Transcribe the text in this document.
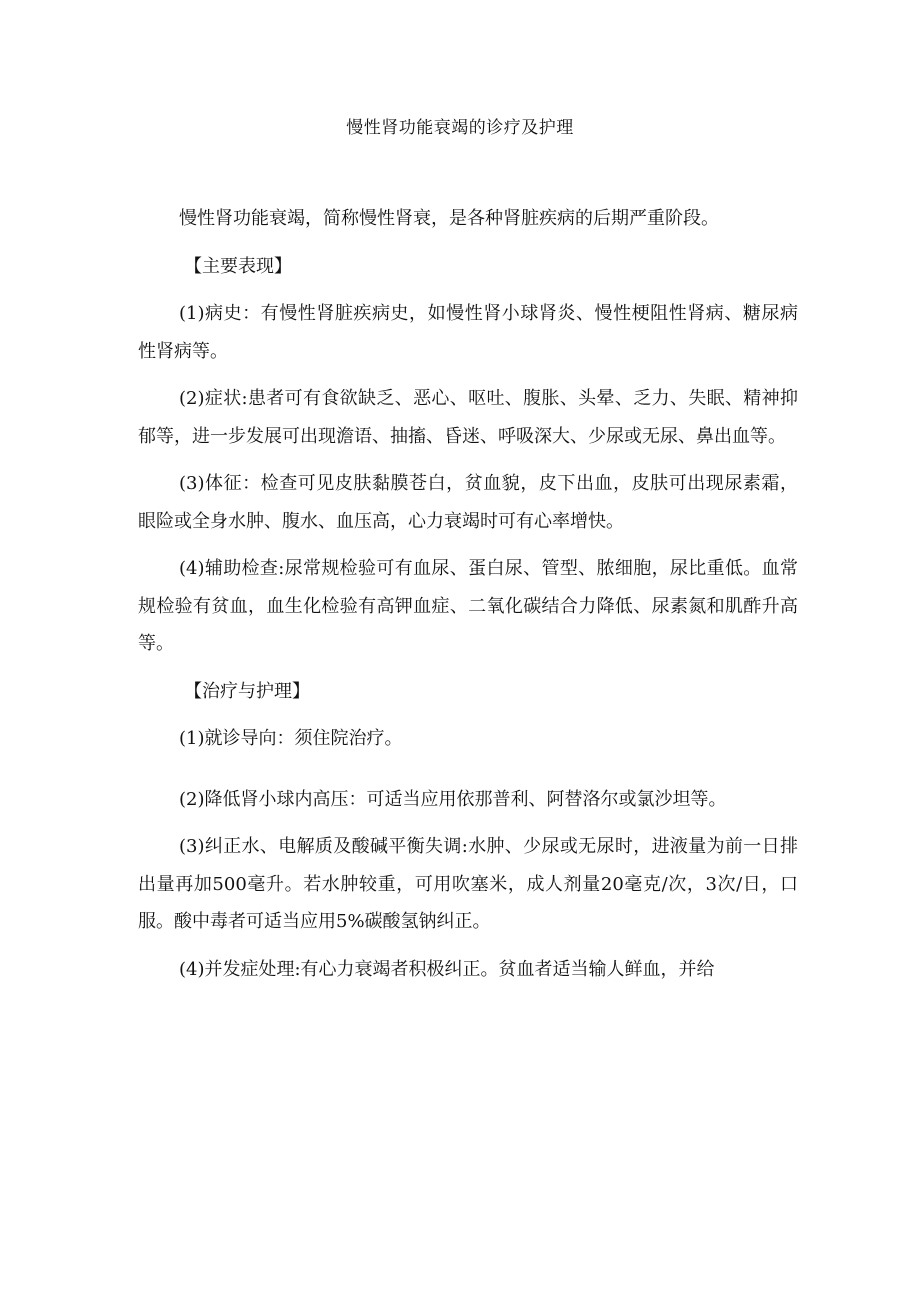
慢性肾功能衰竭的诊疗及护理

慢性肾功能衰竭，简称慢性肾衰，是各种肾脏疾病的后期严重阶段。

【主要表现】

(1)病史：有慢性肾脏疾病史，如慢性肾小球肾炎、慢性梗阻性肾病、糖尿病性肾病等。

(2)症状:患者可有食欲缺乏、恶心、呕吐、腹胀、头晕、乏力、失眠、精神抑郁等，进一步发展可出现澹语、抽搐、昏迷、呼吸深大、少尿或无尿、鼻出血等。

(3)体征：检查可见皮肤黏膜苍白，贫血貌，皮下出血，皮肤可出现尿素霜，眼险或全身水肿、腹水、血压高，心力衰竭时可有心率增快。

(4)辅助检查:尿常规检验可有血尿、蛋白尿、管型、脓细胞，尿比重低。血常规检验有贫血，血生化检验有高钾血症、二氧化碳结合力降低、尿素氮和肌酢升高等。

【治疗与护理】

(1)就诊导向：须住院治疗。

(2)降低肾小球内高压：可适当应用依那普利、阿替洛尔或氯沙坦等。

(3)纠正水、电解质及酸碱平衡失调:水肿、少尿或无尿时，进液量为前一日排出量再加500毫升。若水肿较重，可用吹塞米，成人剂量20毫克/次，3次/日，口服。酸中毒者可适当应用5%碳酸氢钠纠正。

(4)并发症处理:有心力衰竭者积极纠正。贫血者适当输人鲜血，并给
